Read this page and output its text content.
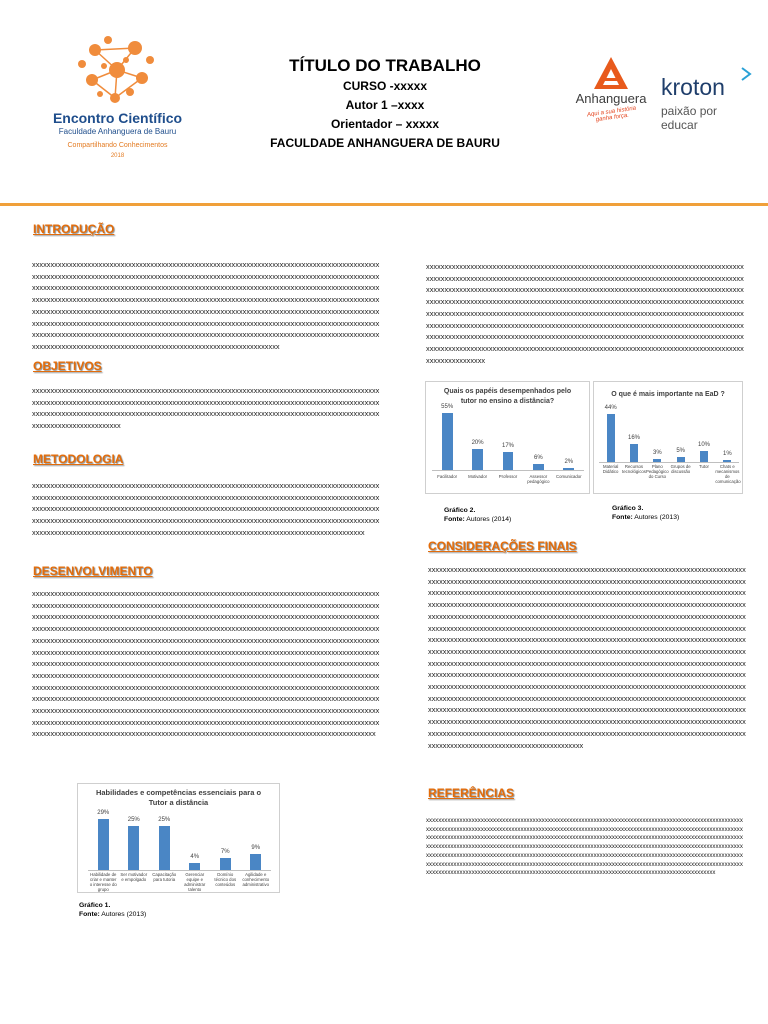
Encontro Científico
Faculdade Anhanguera de Bauru
Compartilhando Conhecimentos
2018
TÍTULO DO TRABALHO
CURSO -xxxxx
Autor 1 –xxxx
Orientador – xxxxx
FACULDADE ANHANGUERA DE BAURU
Anhanguera
Aqui a sua história ganha força.
kroton
paixão por educar
INTRODUÇÃO
xxxxxxxxxxxxxxxxxxxxxxxxxxxxxxxxxxxxxxxxxxxxxxxxxxxxxxxxxxxxxxxxxxxxxxxxxxxxxxxxxxxxxxxxxxxxxxxxxxxxxxxxxxxxxxxxxxxxxxxxxxxxxxxxxxxxxxxxxxxxxxxxxxxxxxxxxxxxxxxxxxxxxxxxxxxxxxxxxxxxxxxxxxxxxxxxxxxxxxxxxxxxxxxxxxxxxxxxxxxxxxxxxxxxxxxxxxxxxxxxxxxxxxxxxxxxxxxxxxxxxxxxxxxxxxxxxxxxxxxxxxxxxxxxxxxxxxxxxxxxxxxxxxxxxxxxxxxxxxxxxxxxxxxxxxxxxxxxxxxxxxxxxxxxxxxxxxxxxxxxxxxxxxxxxxxxxxxxxxxxxxxxxxxxxxxxxxxxxxxxxxxxxxxxxxxxxxxxxxxxxxxxxxxxxxxxxxxxxxxxxxxxxxxxxxxxxxxxxxxxxxxxxxxxxxxxxxxxxxxxxxxxxxxxxxxxxxxxxxxxxxxxxxxxxxxxxxxxxxxxxxxxxxxxxxxxxxxxxxxxxxxxxxxxxxxxxxxxxxxxxxxxxxxxxxxxxxxxxxxxxxxxxxxxxxxxxxxxxxxxxxxxxxxxxxxxxxxxxxxxxxxxxxxxxxxxxxxxxxxxxxxxxxxxxxxxxxxxxxxxxxxxxxxxxxxxxxxxxxxxxxxxxxxxxxxxxxxxxxxxxxxxxxxxxxxxxxxxxxxxxxxxx
OBJETIVOS
xxxxxxxxxxxxxxxxxxxxxxxxxxxxxxxxxxxxxxxxxxxxxxxxxxxxxxxxxxxxxxxxxxxxxxxxxxxxxxxxxxxxxxxxxxxxxxxxxxxxxxxxxxxxxxxxxxxxxxxxxxxxxxxxxxxxxxxxxxxxxxxxxxxxxxxxxxxxxxxxxxxxxxxxxxxxxxxxxxxxxxxxxxxxxxxxxxxxxxxxxxxxxxxxxxxxxxxxxxxxxxxxxxxxxxxxxxxxxxxxxxxxxxxxxxxxxxxxxxxxxxxxxxxxxxxxxxxxxxxxxxxxxxxxxxxxxxxxxxxxxxxxxx
METODOLOGIA
xxxxxxxxxxxxxxxxxxxxxxxxxxxxxxxxxxxxxxxxxxxxxxxxxxxxxxxxxxxxxxxxxxxxxxxxxxxxxxxxxxxxxxxxxxxxxxxxxxxxxxxxxxxxxxxxxxxxxxxxxxxxxxxxxxxxxxxxxxxxxxxxxxxxxxxxxxxxxxxxxxxxxxxxxxxxxxxxxxxxxxxxxxxxxxxxxxxxxxxxxxxxxxxxxxxxxxxxxxxxxxxxxxxxxxxxxxxxxxxxxxxxxxxxxxxxxxxxxxxxxxxxxxxxxxxxxxxxxxxxxxxxxxxxxxxxxxxxxxxxxxxxxxxxxxxxxxxxxxxxxxxxxxxxxxxxxxxxxxxxxxxxxxxxxxxxxxxxxxxxxxxxxxxxxxxxxxxxxxxxxxxxxxxxxxxxxxxxxxxxxxxxxxxxxxxxxxxxxxxxxxxxxxxxxxxxxxxxxxxxxxxxxxxxxxxxxxxxxxxxxxxxxx
DESENVOLVIMENTO
xxxxxxxxxxxxxxxxxxxxxxxxxxxxxxxxxxxxxxxxxxxxxxxxxxxxxxxxxxxxxxxxxxxxxxxxxxxxxxxxxxxxxxxxxxxxxxxxxxxxxxxxxxxxxxxxxxxxxxxxxxxxxxxxxxxxxxxxxxxxxxxxxxxxxxxxxxxxxxxxxxxxxxxxxxxxxxxxxxxxxxxxxxxxxxxxxxxxxxxxxxxxxxxxxxxxxxxxxxxxxxxxxxxxxxxxxxxxxxxxxxxxxxxxxxxxxxxxxxxxxxxxxxxxxxxxxxxxxxxxxxxxxxxxxxxxxxxxxxxxxxxxxxxxxxxxxxxxxxxxxxxxxxxxxxxxxxxxxxxxxxxxxxxxxxxxxxxxxxxxxxxxxxxxxxxxxxxxxxxxxxxxxxxxxxxxxxxxxxxxxxxxxxxxxxxxxxxxxxxxxxxxxxxxxxxxxxxxxxxxxxxxxxxxxxxxxxxxxxxxxxxxxxxxxxxxxxxxxxxxxxxxxxxxxxxxxxxxxxxxxxxxxxxxxxxxxxxxxxxxxxxxxxxxxxxxxxxxxxxxxxxxxxxxxxxxxxxxxxxxxxxxxxxxxxxxxxxxxxxxxxxxxxxxxxxxxxxxxxxxxxxxxxxxxxxxxxxxxxxxxxxxxxxxxxxxxxxxxxxxxxxxxxxxxxxxxxxxxxxxxxxxxxxxxxxxxxxxxxxxxxxxxxxxxxxxxxxxxxxxxxxxxxxxxxxxxxxxxxxxxxxxxxxxxxxxxxxxxxxxxxxxxxxxxxxxxxxxxxxxxxxxxxxxxxxxxxxxxxxxxxxxxxxxxxxxxxxxxxxxxxxxxxxxxxxxxxxxxxxxxxxxxxxxxxxxxxxxxxxxxxxxxxxxxxxxxxxxxxxxxxxxxxxxxxxxxxxxxxxxxxxxxxxxxxxxxxxxxxxxxxxxxxxxxxxxxxxxxxxxxxxxxxxxxxxxxxxxxxxxxxxxxxxxxxxxxxxxxxxxxxxxxxxxxxxxxxxxxxxxxxxxxxxxxxxxxxxxxxxxxxxxxxxxxxxxxxxxxxxxxxxxxxxxxxxxxxxxxxxxxxxxxxxxxxxxxxxxxxxxxxxxxxxxxxxxxxxxxxxxxxxxxxxxxxxxxxxxxxxxxxxxxxxxxxxxxxxxxxxxxxxxxxxxxxxxxxxxxxxxxxxxxxxxxxxxxxxxxxxxxxxxxxxxxxxxxxxxxxxxxxxxxxxxxxxxxxxxxxxxxxxxxxxxxxxxxxxxxxxxx
Habilidades e competências essenciais para o Tutor a distância
29%
Habilidade de criar e manter o interesse do grupo
25%
Ser motivador e empolgado
25%
Capacitação para tutoria
4%
Gerenciar equipe e administrar talento
7%
Domínio técnico dos conteúdos
9%
Agilidade e conhecimento administrativo
Gráfico 1.
Fonte: Autores (2013)
xxxxxxxxxxxxxxxxxxxxxxxxxxxxxxxxxxxxxxxxxxxxxxxxxxxxxxxxxxxxxxxxxxxxxxxxxxxxxxxxxxxxxxxxxxxxxxxxxxxxxxxxxxxxxxxxxxxxxxxxxxxxxxxxxxxxxxxxxxxxxxxxxxxxxxxxxxxxxxxxxxxxxxxxxxxxxxxxxxxxxxxxxxxxxxxxxxxxxxxxxxxxxxxxxxxxxxxxxxxxxxxxxxxxxxxxxxxxxxxxxxxxxxxxxxxxxxxxxxxxxxxxxxxxxxxxxxxxxxxxxxxxxxxxxxxxxxxxxxxxxxxxxxxxxxxxxxxxxxxxxxxxxxxxxxxxxxxxxxxxxxxxxxxxxxxxxxxxxxxxxxxxxxxxxxxxxxxxxxxxxxxxxxxxxxxxxxxxxxxxxxxxxxxxxxxxxxxxxxxxxxxxxxxxxxxxxxxxxxxxxxxxxxxxxxxxxxxxxxxxxxxxxxxxxxxxxxxxxxxxxxxxxxxxxxxxxxxxxxxxxxxxxxxxxxxxxxxxxxxxxxxxxxxxxxxxxxxxxxxxxxxxxxxxxxxxxxxxxxxxxxxxxxxxxxxxxxxxxxxxxxxxxxxxxxxxxxxxxxxxxxxxxxxxxxxxxxxxxxxxxxxxxxxxxxxxxxxxxxxxxxxxxxxxxxxxxxxxxxxxxxxxxxxxxxxxxxxxxxxxxxxxxxxxxxxxxxxxxxxxxxxx
Quais os papéis desempenhados pelo tutor no ensino a distância?
55%
Facilitador
20%
Motivador
17%
Professor
6%
Assessor pedagógico
2%
Comunicador
O que é mais importante na EaD ?
44%
Material Didático
16%
Recursos tecnológicos
3%
Plano Pedagógico do Curso
5%
Grupos de discussão
10%
Tutor
1%
Chats e mecanismos de comunicação
Gráfico 2.
Fonte: Autores (2014)
Gráfico 3.
Fonte: Autores (2013)
CONSIDERAÇÕES FINAIS
xxxxxxxxxxxxxxxxxxxxxxxxxxxxxxxxxxxxxxxxxxxxxxxxxxxxxxxxxxxxxxxxxxxxxxxxxxxxxxxxxxxxxxxxxxxxxxxxxxxxxxxxxxxxxxxxxxxxxxxxxxxxxxxxxxxxxxxxxxxxxxxxxxxxxxxxxxxxxxxxxxxxxxxxxxxxxxxxxxxxxxxxxxxxxxxxxxxxxxxxxxxxxxxxxxxxxxxxxxxxxxxxxxxxxxxxxxxxxxxxxxxxxxxxxxxxxxxxxxxxxxxxxxxxxxxxxxxxxxxxxxxxxxxxxxxxxxxxxxxxxxxxxxxxxxxxxxxxxxxxxxxxxxxxxxxxxxxxxxxxxxxxxxxxxxxxxxxxxxxxxxxxxxxxxxxxxxxxxxxxxxxxxxxxxxxxxxxxxxxxxxxxxxxxxxxxxxxxxxxxxxxxxxxxxxxxxxxxxxxxxxxxxxxxxxxxxxxxxxxxxxxxxxxxxxxxxxxxxxxxxxxxxxxxxxxxxxxxxxxxxxxxxxxxxxxxxxxxxxxxxxxxxxxxxxxxxxxxxxxxxxxxxxxxxxxxxxxxxxxxxxxxxxxxxxxxxxxxxxxxxxxxxxxxxxxxxxxxxxxxxxxxxxxxxxxxxxxxxxxxxxxxxxxxxxxxxxxxxxxxxxxxxxxxxxxxxxxxxxxxxxxxxxxxxxxxxxxxxxxxxxxxxxxxxxxxxxxxxxxxxxxxxxxxxxxxxxxxxxxxxxxxxxxxxxxxxxxxxxxxxxxxxxxxxxxxxxxxxxxxxxxxxxxxxxxxxxxxxxxxxxxxxxxxxxxxxxxxxxxxxxxxxxxxxxxxxxxxxxxxxxxxxxxxxxxxxxxxxxxxxxxxxxxxxxxxxxxxxxxxxxxxxxxxxxxxxxxxxxxxxxxxxxxxxxxxxxxxxxxxxxxxxxxxxxxxxxxxxxxxxxxxxxxxxxxxxxxxxxxxxxxxxxxxxxxxxxxxxxxxxxxxxxxxxxxxxxxxxxxxxxxxxxxxxxxxxxxxxxxxxxxxxxxxxxxxxxxxxxxxxxxxxxxxxxxxxxxxxxxxxxxxxxxxxxxxxxxxxxxxxxxxxxxxxxxxxxxxxxxxxxxxxxxxxxxxxxxxxxxxxxxxxxxxxxxxxxxxxxxxxxxxxxxxxxxxxxxxxxxxxxxxxxxxxxxxxxxxxxxxxxxxxxxxxxxxxxxxxxxxxxxxxxxxxxxxxxxxxxxxxxxxxxxxxxxxxxxxxxxxxxxxxxxxxxxxxxxxxxxxxxxxxxxxxxxxxxxxxxxxxxxxxxxxxxxxxxxxxxxxxxxxxxxxxxxxxxxxxxxxxxxxxxxxxxxxxxxxxxxxxxxxxxxxxxxx
REFERÊNCIAS
xxxxxxxxxxxxxxxxxxxxxxxxxxxxxxxxxxxxxxxxxxxxxxxxxxxxxxxxxxxxxxxxxxxxxxxxxxxxxxxxxxxxxxxxxxxxxxxxxxxxxxxxxxxxxxxxxxxxxxxxxxxxxxxxxxxxxxxxxxxxxxxxxxxxxxxxxxxxxxxxxxxxxxxxxxxxxxxxxxxxxxxxxxxxxxxxxxxxxxxxxxxxxxxxxxxxxxxxxxxxxxxxxxxxxxxxxxxxxxxxxxxxxxxxxxxxxxxxxxxxxxxxxxxxxxxxxxxxxxxxxxxxxxxxxxxxxxxxxxxxxxxxxxxxxxxxxxxxxxxxxxxxxxxxxxxxxxxxxxxxxxxxxxxxxxxxxxxxxxxxxxxxxxxxxxxxxxxxxxxxxxxxxxxxxxxxxxxxxxxxxxxxxxxxxxxxxxxxxxxxxxxxxxxxxxxxxxxxxxxxxxxxxxxxxxxxxxxxxxxxxxxxxxxxxxxxxxxxxxxxxxxxxxxxxxxxxxxxxxxxxxxxxxxxxxxxxxxxxxxxxxxxxxxxxxxxxxxxxxxxxxxxxxxxxxxxxxxxxxxxxxxxxxxxxxxxxxxxxxxxxxxxxxxxxxxxxxxxxxxxxxxxxxxxxxxxxxxxxxxxxxxxxxxxxxxxxxxxxxxxxxxxxxxxxxxxxxxxxxxxxxxxxxxxxxxxxxxxxxxxxxxxxxxxxxxxxxxxxxxxxxxxxxxxxxxxxxxxxxx
